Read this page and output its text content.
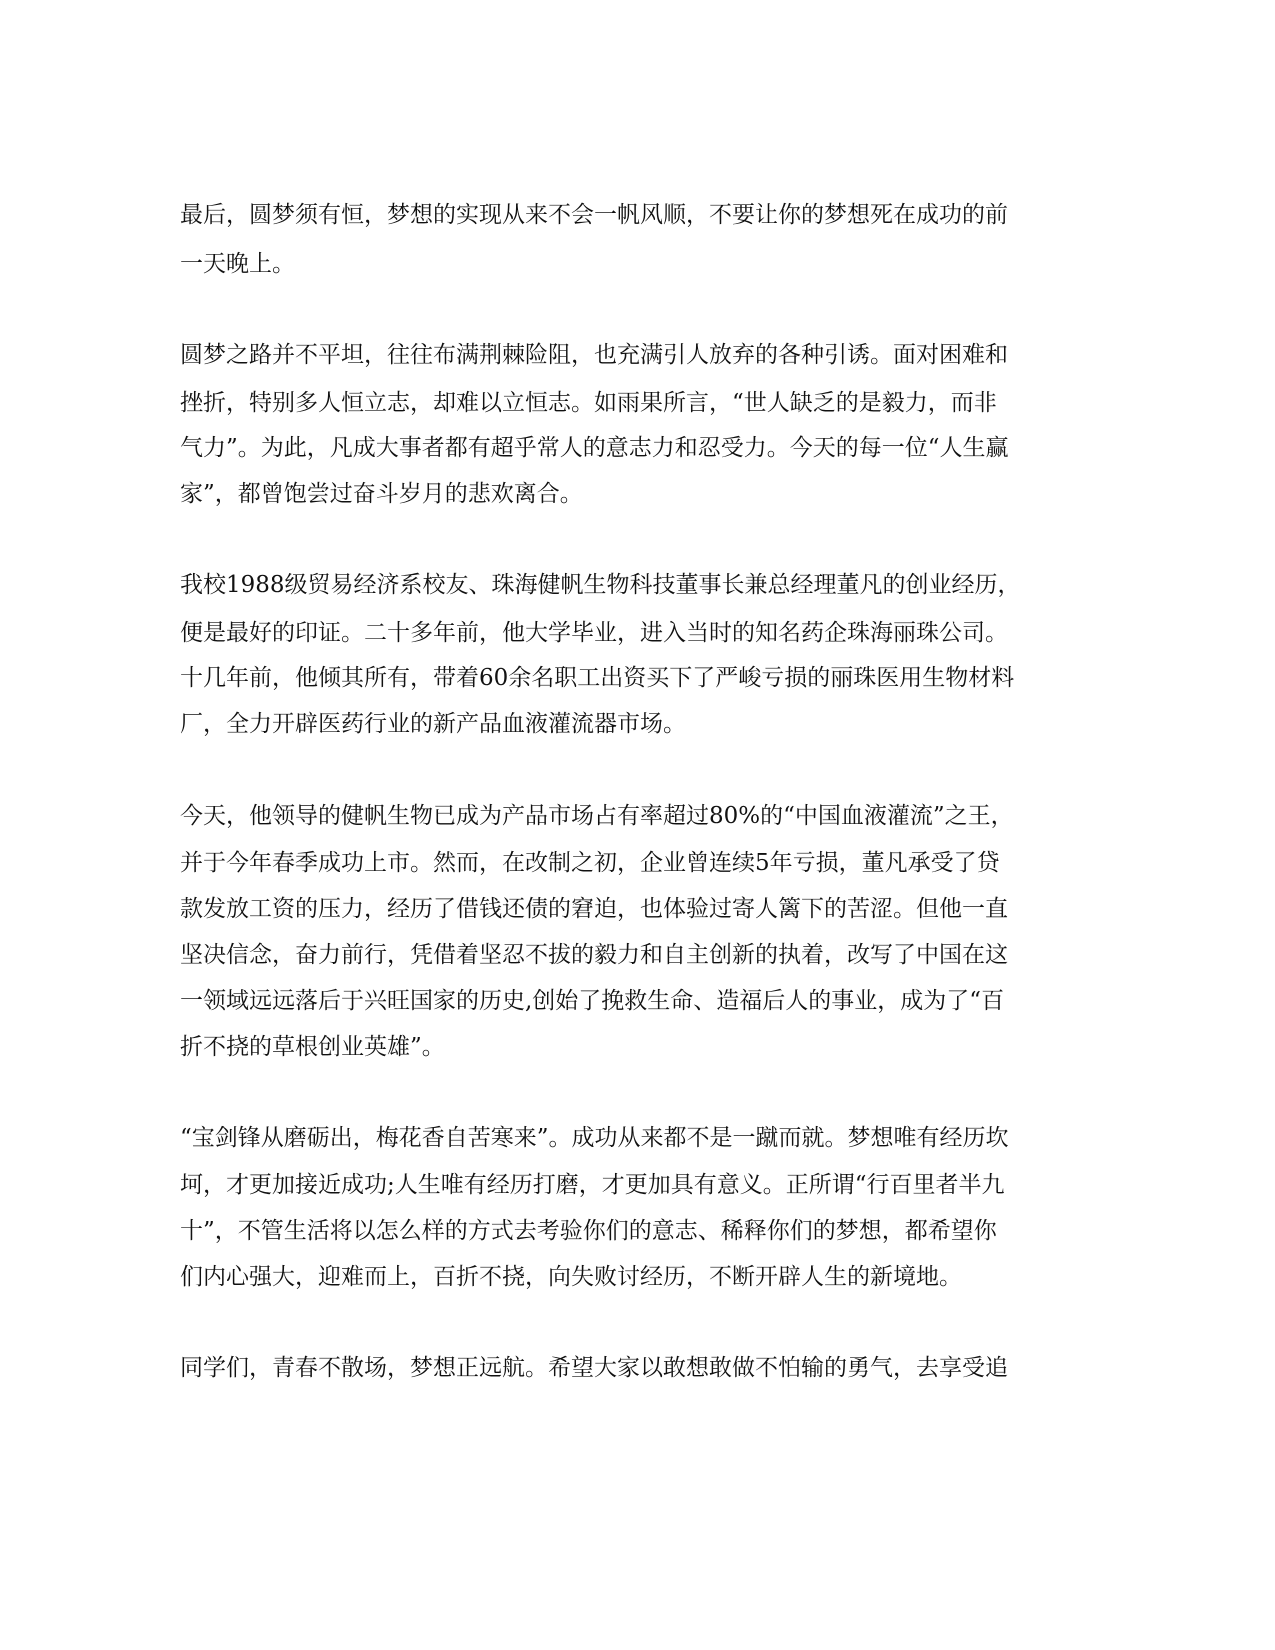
最后，圆梦须有恒，梦想的实现从来不会一帆风顺，不要让你的梦想死在成功的前

一天晚上。

圆梦之路并不平坦，往往布满荆棘险阻，也充满引人放弃的各种引诱。面对困难和

挫折，特别多人恒立志，却难以立恒志。如雨果所言，“世人缺乏的是毅力，而非

气力”。为此，凡成大事者都有超乎常人的意志力和忍受力。今天的每一位“人生赢

家”，都曾饱尝过奋斗岁月的悲欢离合。

我校1988级贸易经济系校友、珠海健帆生物科技董事长兼总经理董凡的创业经历，

便是最好的印证。二十多年前，他大学毕业，进入当时的知名药企珠海丽珠公司。

十几年前，他倾其所有，带着60余名职工出资买下了严峻亏损的丽珠医用生物材料

厂，全力开辟医药行业的新产品血液灌流器市场。

今天，他领导的健帆生物已成为产品市场占有率超过80%的“中国血液灌流”之王，

并于今年春季成功上市。然而，在改制之初，企业曾连续5年亏损，董凡承受了贷

款发放工资的压力，经历了借钱还债的窘迫，也体验过寄人篱下的苦涩。但他一直

坚决信念，奋力前行，凭借着坚忍不拔的毅力和自主创新的执着，改写了中国在这

一领域远远落后于兴旺国家的历史,创始了挽救生命、造福后人的事业，成为了“百

折不挠的草根创业英雄”。

“宝剑锋从磨砺出，梅花香自苦寒来”。成功从来都不是一蹴而就。梦想唯有经历坎

坷，才更加接近成功;人生唯有经历打磨，才更加具有意义。正所谓“行百里者半九

十”，不管生活将以怎么样的方式去考验你们的意志、稀释你们的梦想，都希望你

们内心强大，迎难而上，百折不挠，向失败讨经历，不断开辟人生的新境地。

同学们，青春不散场，梦想正远航。希望大家以敢想敢做不怕输的勇气，去享受追
